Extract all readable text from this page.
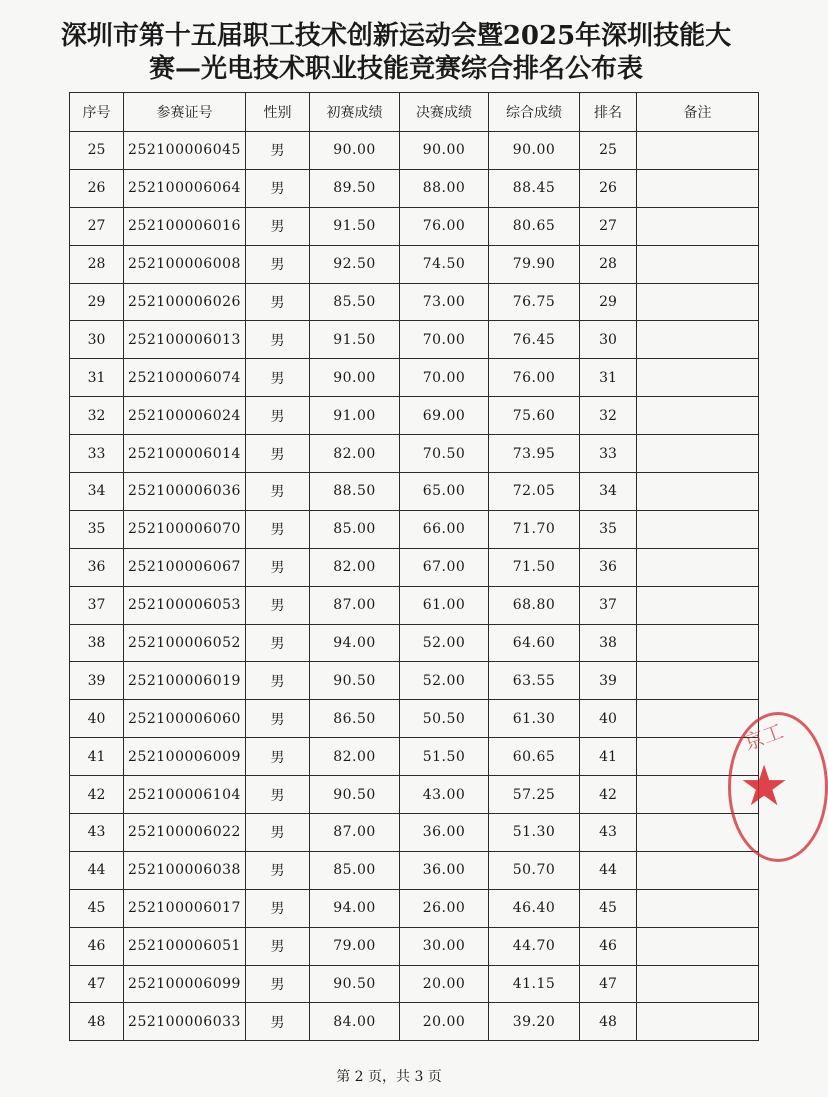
深圳市第十五届职工技术创新运动会暨2025年深圳技能大
赛—光电技术职业技能竞赛综合排名公布表
序号	参赛证号	性别	初赛成绩	决赛成绩	综合成绩	排名	备注
25	252100006045	男	90.00	90.00	90.00	25	
26	252100006064	男	89.50	88.00	88.45	26	
27	252100006016	男	91.50	76.00	80.65	27	
28	252100006008	男	92.50	74.50	79.90	28	
29	252100006026	男	85.50	73.00	76.75	29	
30	252100006013	男	91.50	70.00	76.45	30	
31	252100006074	男	90.00	70.00	76.00	31	
32	252100006024	男	91.00	69.00	75.60	32	
33	252100006014	男	82.00	70.50	73.95	33	
34	252100006036	男	88.50	65.00	72.05	34	
35	252100006070	男	85.00	66.00	71.70	35	
36	252100006067	男	82.00	67.00	71.50	36	
37	252100006053	男	87.00	61.00	68.80	37	
38	252100006052	男	94.00	52.00	64.60	38	
39	252100006019	男	90.50	52.00	63.55	39	
40	252100006060	男	86.50	50.50	61.30	40	
41	252100006009	男	82.00	51.50	60.65	41	
42	252100006104	男	90.50	43.00	57.25	42	
43	252100006022	男	87.00	36.00	51.30	43	
44	252100006038	男	85.00	36.00	50.70	44	
45	252100006017	男	94.00	26.00	46.40	45	
46	252100006051	男	79.00	30.00	44.70	46	
47	252100006099	男	90.50	20.00	41.15	47	
48	252100006033	男	84.00	20.00	39.20	48	
京工
★
第 2 页，共 3 页
